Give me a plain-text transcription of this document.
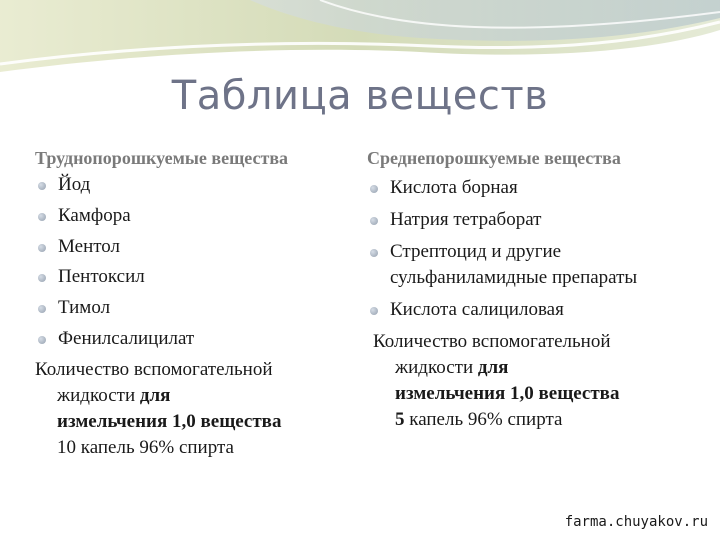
Таблица веществ
Труднопорошкуемые вещества
Йод
Камфора
Ментол
Пентоксил
Тимол
Фенилсалицилат
Количество вспомогательной
жидкости для
измельчения 1,0 вещества
10 капель 96% спирта
Среднепорошкуемые вещества
Кислота борная
Натрия тетраборат
Стрептоцид и другие сульфаниламидные препараты
Кислота салициловая
Количество вспомогательной
жидкости для
измельчения 1,0 вещества
5 капель 96% спирта
farma.chuyakov.ru
